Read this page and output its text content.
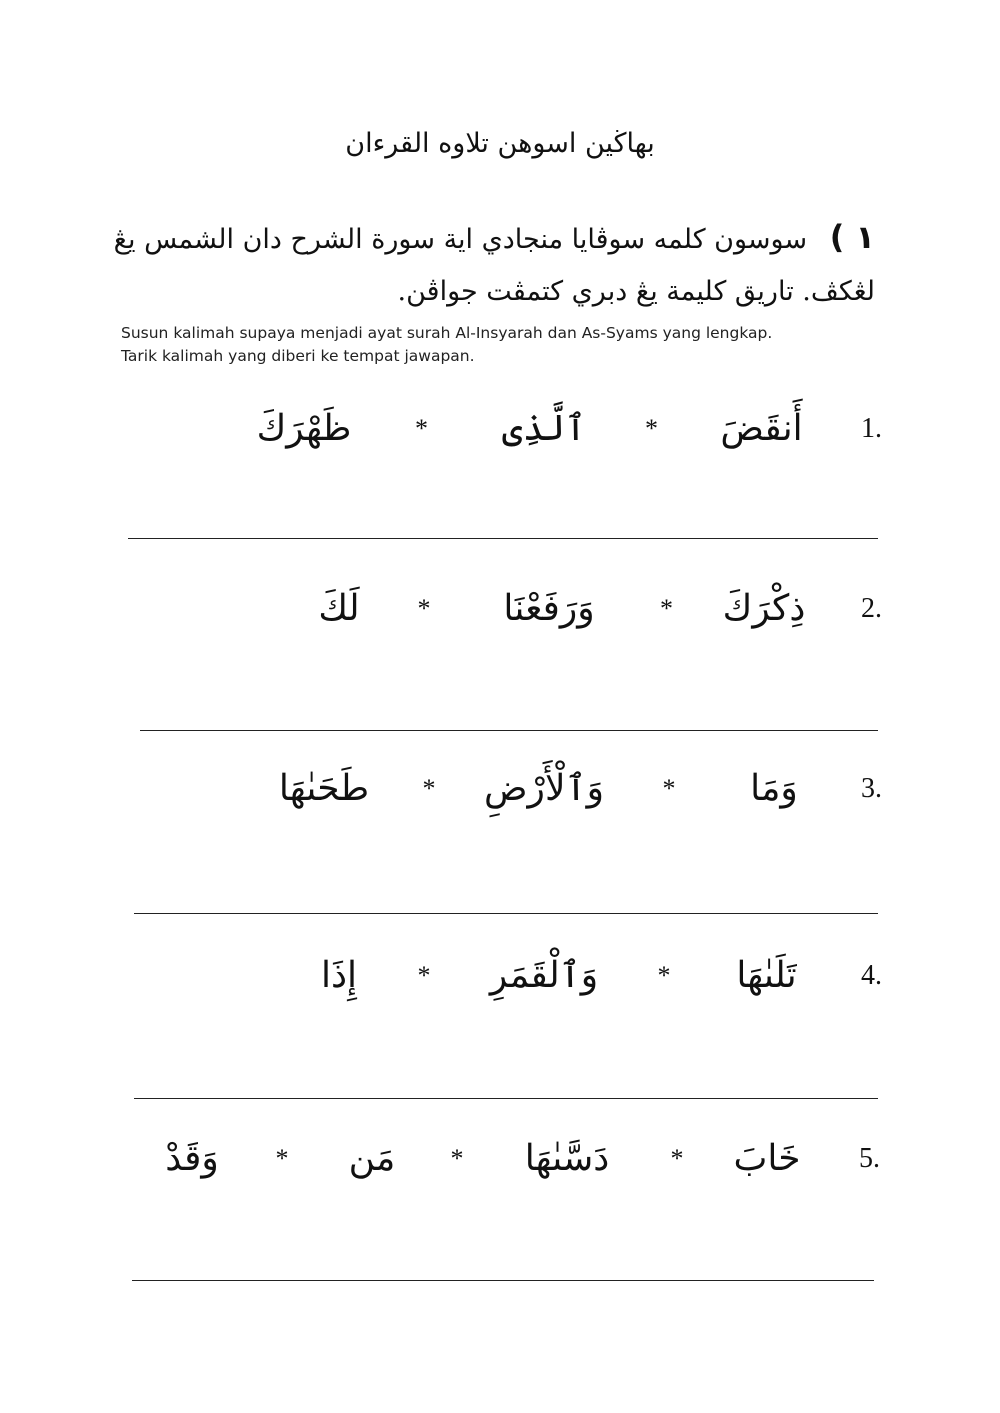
بهاڬين اسوهن تلاوه القرءان
١ ) سوسون كلمه سوڤايا منجادي اية سورة الشرح دان الشمس يڠ
لڠكڤ. تاريق كليمة يڠ دبري كتمڤت جواڤن.
Susun kalimah supaya menjadi ayat surah Al-Insyarah dan As-Syams yang lengkap.
Tarik kalimah yang diberi ke tempat jawapan.
1.
أَنقَضَ
*
ٱلَّذِى
*
ظَهْرَكَ
2.
ذِكْرَكَ
*
وَرَفَعْنَا
*
لَكَ
3.
وَمَا
*
وَٱلْأَرْضِ
*
طَحَىٰهَا
4.
تَلَىٰهَا
*
وَٱلْقَمَرِ
*
إِذَا
5.
خَابَ
*
دَسَّىٰهَا
*
مَن
*
وَقَدْ
